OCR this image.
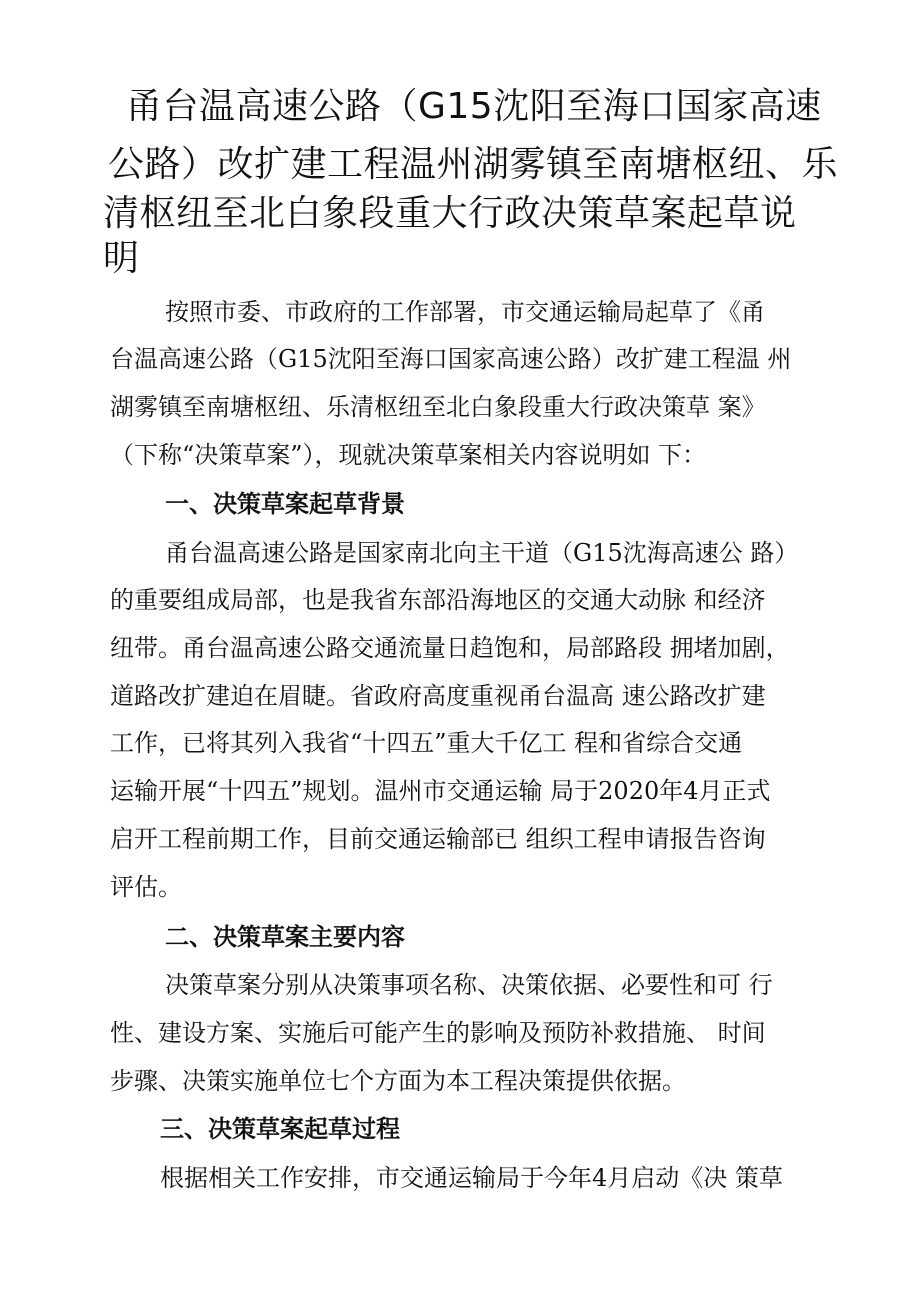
甬台温高速公路（G15沈阳至海口国家高速
公路）改扩建工程温州湖雾镇至南塘枢纽、乐
清枢纽至北白象段重大行政决策草案起草说
明
按照市委、市政府的工作部署，市交通运输局起草了《甬
台温高速公路（G15沈阳至海口国家高速公路）改扩建工程温 州
湖雾镇至南塘枢纽、乐清枢纽至北白象段重大行政决策草 案》
（下称“决策草案”），现就决策草案相关内容说明如 下：
一、决策草案起草背景
甬台温高速公路是国家南北向主干道（G15沈海高速公 路）
的重要组成局部，也是我省东部沿海地区的交通大动脉 和经济
纽带。甬台温高速公路交通流量日趋饱和，局部路段 拥堵加剧，
道路改扩建迫在眉睫。省政府高度重视甬台温高 速公路改扩建
工作，已将其列入我省“十四五”重大千亿工 程和省综合交通
运输开展“十四五”规划。温州市交通运输 局于2020年4月正式
启开工程前期工作，目前交通运输部已 组织工程申请报告咨询
评估。
二、决策草案主要内容
决策草案分别从决策事项名称、决策依据、必要性和可 行
性、建设方案、实施后可能产生的影响及预防补救措施、 时间
步骤、决策实施单位七个方面为本工程决策提供依据。
三、决策草案起草过程
根据相关工作安排，市交通运输局于今年4月启动《决 策草
